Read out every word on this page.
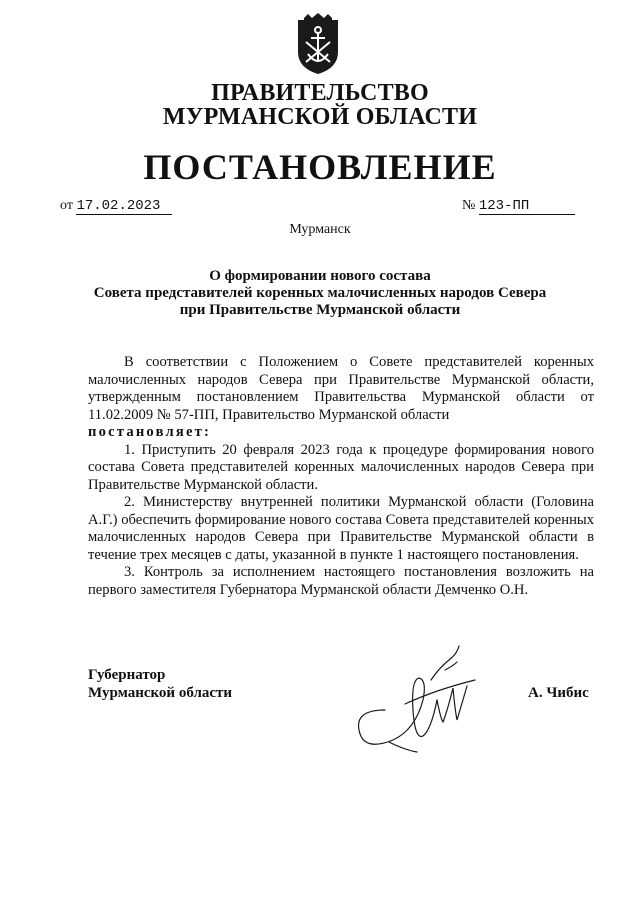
ПРАВИТЕЛЬСТВО
МУРМАНСКОЙ ОБЛАСТИ
ПОСТАНОВЛЕНИЕ
от 17.02.2023	№ 123-ПП
Мурманск
О формировании нового состава
Совета представителей коренных малочисленных народов Севера
при Правительстве Мурманской области

В соответствии с Положением о Совете представителей коренных малочисленных народов Севера при Правительстве Мурманской области, утвержденным постановлением Правительства Мурманской области от 11.02.2009 № 57-ПП, Правительство Мурманской области

постановляет:

1. Приступить 20 февраля 2023 года к процедуре формирования нового состава Совета представителей коренных малочисленных народов Севера при Правительстве Мурманской области.

2. Министерству внутренней политики Мурманской области (Головина А.Г.) обеспечить формирование нового состава Совета представителей коренных малочисленных народов Севера при Правительстве Мурманской области в течение трех месяцев с даты, указанной в пункте 1 настоящего постановления.

3. Контроль за исполнением настоящего постановления возложить на первого заместителя Губернатора Мурманской области Демченко О.Н.

Губернатор
Мурманской области	А. Чибис
